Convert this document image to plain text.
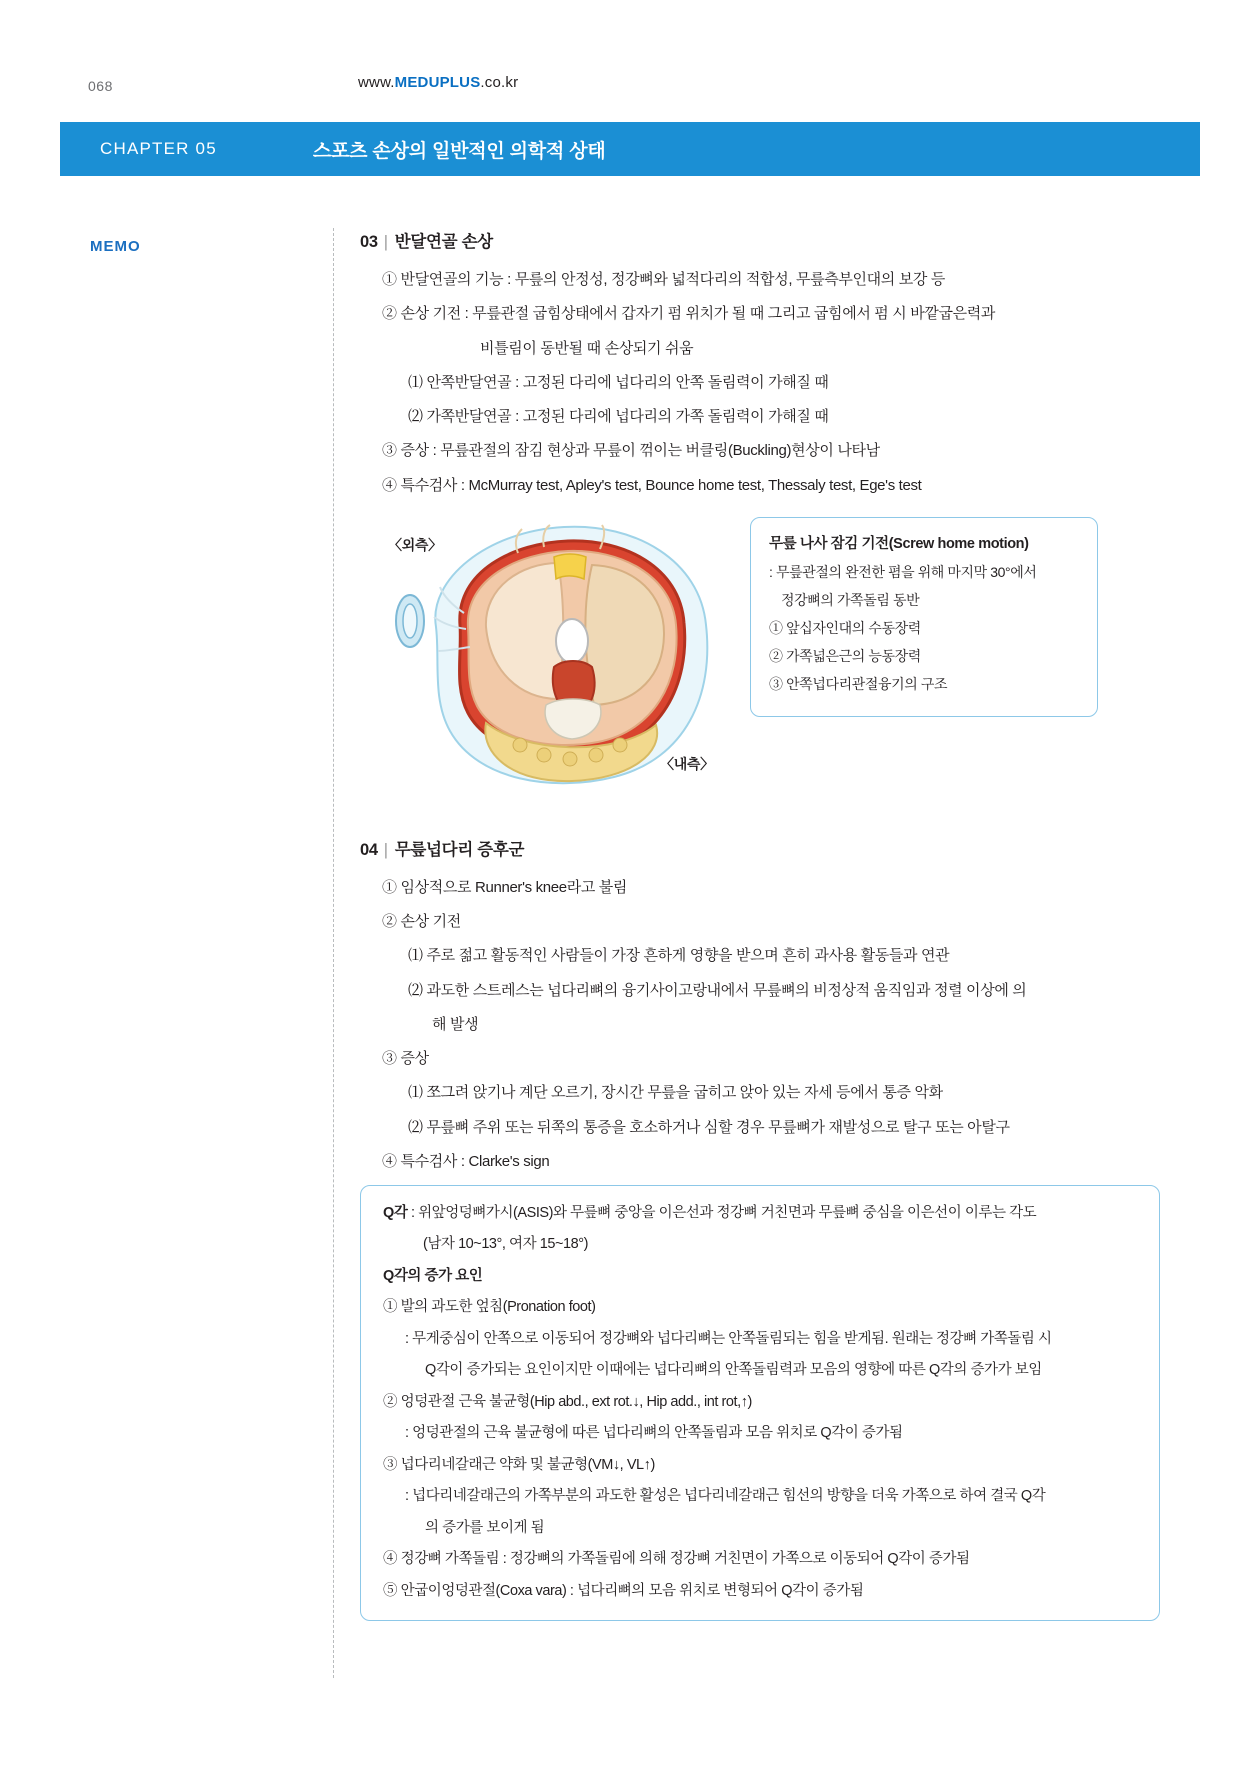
068	www.MEDUPLUS.co.kr
CHAPTER 05	스포츠 손상의 일반적인 의학적 상태
MEMO	03 | 반달연골 손상
① 반달연골의 기능 : 무릎의 안정성, 정강뼈와 넓적다리의 적합성, 무릎측부인대의 보강 등
② 손상 기전 : 무릎관절 굽힘상태에서 갑자기 펌 위치가 될 때 그리고 굽힘에서 펌 시 바깥굽은력과
비틀림이 동반될 때 손상되기 쉬움
⑴ 안쪽반달연골 : 고정된 다리에 넙다리의 안쪽 돌림력이 가해질 때
⑵ 가쪽반달연골 : 고정된 다리에 넙다리의 가쪽 돌림력이 가해질 때
③ 증상 : 무릎관절의 잠김 현상과 무릎이 꺾이는 버클링(Buckling)현상이 나타남
④ 특수검사 : McMurray test, Apley's test, Bounce home test, Thessaly test, Ege's test
〈외측〉
〈내측〉
무릎 나사 잠김 기전(Screw home motion)
: 무릎관절의 완전한 폄을 위해 마지막 30°에서
정강뼈의 가쪽돌림 동반
① 앞십자인대의 수동장력
② 가쪽넓은근의 능동장력
③ 안쪽넙다리관절융기의 구조
04 | 무릎넙다리 증후군
① 임상적으로 Runner's knee라고 불림
② 손상 기전
⑴ 주로 젊고 활동적인 사람들이 가장 흔하게 영향을 받으며 흔히 과사용 활동들과 연관
⑵ 과도한 스트레스는 넙다리뼈의 융기사이고랑내에서 무릎뼈의 비정상적 움직임과 정렬 이상에 의
해 발생
③ 증상
⑴ 쪼그려 앉기나 계단 오르기, 장시간 무릎을 굽히고 앉아 있는 자세 등에서 통증 악화
⑵ 무릎뼈 주위 또는 뒤쪽의 통증을 호소하거나 심할 경우 무릎뼈가 재발성으로 탈구 또는 아탈구
④ 특수검사 : Clarke's sign
Q각 : 위앞엉덩뼈가시(ASIS)와 무릎뼈 중앙을 이은선과 정강뼈 거친면과 무릎뼈 중심을 이은선이 이루는 각도
(남자 10~13°, 여자 15~18°)
Q각의 증가 요인
① 발의 과도한 엎침(Pronation foot)
: 무게중심이 안쪽으로 이동되어 정강뼈와 넙다리뼈는 안쪽돌림되는 힘을 받게됨. 원래는 정강뼈 가쪽돌림 시
Q각이 증가되는 요인이지만 이때에는 넙다리뼈의 안쪽돌림력과 모음의 영향에 따른 Q각의 증가가 보임
② 엉덩관절 근육 불균형(Hip abd., ext rot.↓, Hip add., int rot,↑)
: 엉덩관절의 근육 불균형에 따른 넙다리뼈의 안쪽돌림과 모음 위치로 Q각이 증가됨
③ 넙다리네갈래근 약화 및 불균형(VM↓, VL↑)
: 넙다리네갈래근의 가쪽부분의 과도한 활성은 넙다리네갈래근 힘선의 방향을 더욱 가쪽으로 하여 결국 Q각
의 증가를 보이게 됨
④ 정강뼈 가쪽돌림 : 정강뼈의 가쪽돌림에 의해 정강뼈 거친면이 가쪽으로 이동되어 Q각이 증가됨
⑤ 안굽이엉덩관절(Coxa vara) : 넙다리뼈의 모음 위치로 변형되어 Q각이 증가됨
